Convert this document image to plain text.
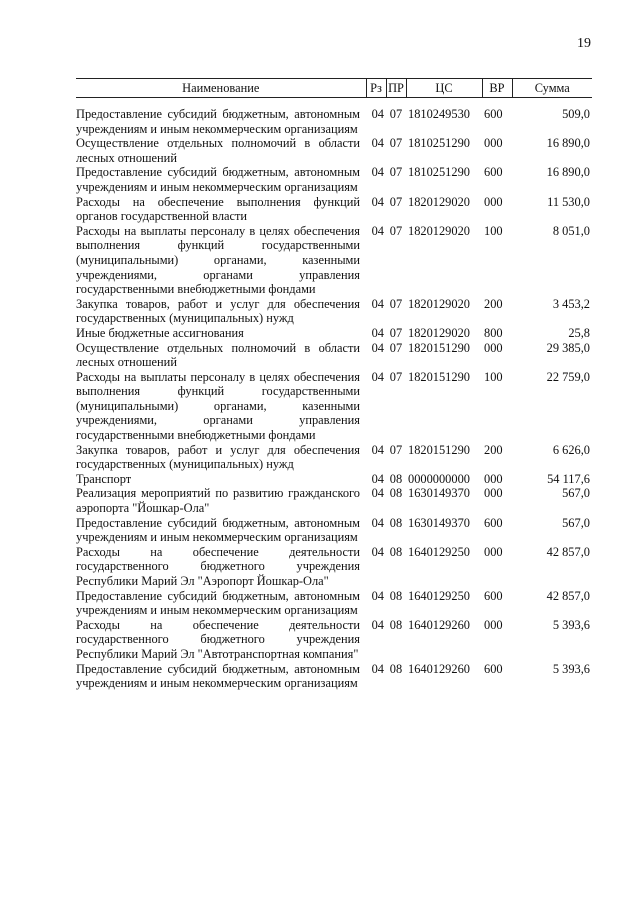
19
Наименование	Рз	ПР	ЦС	ВР	Сумма
Предоставление субсидий бюджетным, автономным учреждениям и иным некоммерческим организациям	04	07	1810249530	600	509,0
Осуществление отдельных полномочий в области лесных отношений	04	07	1810251290	000	16 890,0
Предоставление субсидий бюджетным, автономным учреждениям и иным некоммерческим организациям	04	07	1810251290	600	16 890,0
Расходы на обеспечение выполнения функций органов государственной власти	04	07	1820129020	000	11 530,0
Расходы на выплаты персоналу в целях обеспечения выполнения функций государственными (муниципальными) органами, казенными учреждениями, органами управления государственными внебюджетными фондами	04	07	1820129020	100	8 051,0
Закупка товаров, работ и услуг для обеспечения государственных (муниципальных) нужд	04	07	1820129020	200	3 453,2
Иные бюджетные ассигнования	04	07	1820129020	800	25,8
Осуществление отдельных полномочий в области лесных отношений	04	07	1820151290	000	29 385,0
Расходы на выплаты персоналу в целях обеспечения выполнения функций государственными (муниципальными) органами, казенными учреждениями, органами управления государственными внебюджетными фондами	04	07	1820151290	100	22 759,0
Закупка товаров, работ и услуг для обеспечения государственных (муниципальных) нужд	04	07	1820151290	200	6 626,0
Транспорт	04	08	0000000000	000	54 117,6
Реализация мероприятий по развитию гражданского аэропорта "Йошкар-Ола"	04	08	1630149370	000	567,0
Предоставление субсидий бюджетным, автономным учреждениям и иным некоммерческим организациям	04	08	1630149370	600	567,0
Расходы на обеспечение деятельности государственного бюджетного учреждения Республики Марий Эл "Аэропорт Йошкар-Ола"	04	08	1640129250	000	42 857,0
Предоставление субсидий бюджетным, автономным учреждениям и иным некоммерческим организациям	04	08	1640129250	600	42 857,0
Расходы на обеспечение деятельности государственного бюджетного учреждения Республики Марий Эл "Автотранспортная компания"	04	08	1640129260	000	5 393,6
Предоставление субсидий бюджетным, автономным учреждениям и иным некоммерческим организациям	04	08	1640129260	600	5 393,6
